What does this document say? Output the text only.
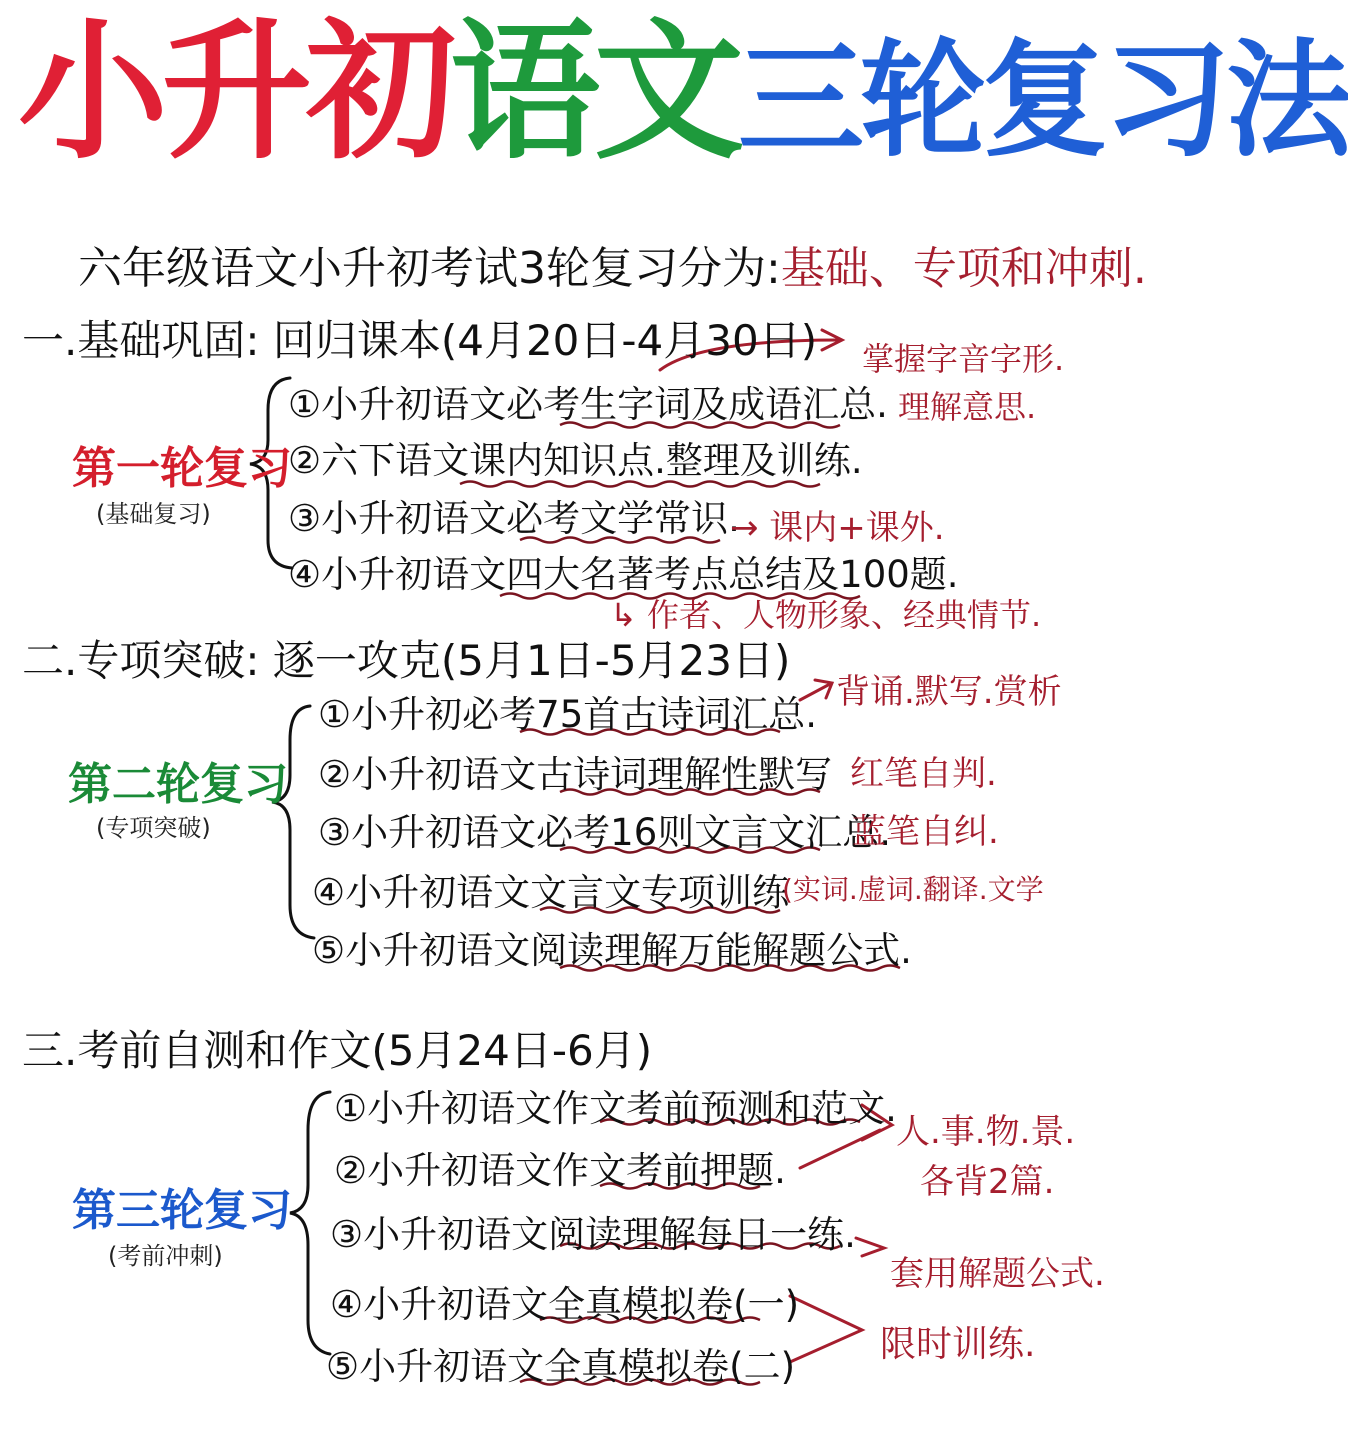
小升初语文三轮复习法
六年级语文小升初考试3轮复习分为:基础、专项和冲刺.
一.基础巩固: 回归课本(4月20日-4月30日)
第一轮复习
(基础复习)
①小升初语文必考生字词及成语汇总.
②六下语文课内知识点.整理及训练.
③小升初语文必考文学常识.
④小升初语文四大名著考点总结及100题.
掌握字音字形.
理解意思.
→ 课内+课外.
↳ 作者、人物形象、经典情节.
二.专项突破: 逐一攻克(5月1日-5月23日)
第二轮复习
(专项突破)
①小升初必考75首古诗词汇总.
②小升初语文古诗词理解性默写
③小升初语文必考16则文言文汇总.
④小升初语文文言文专项训练
⑤小升初语文阅读理解万能解题公式.
背诵.默写.赏析
红笔自判.
蓝笔自纠.
(实词.虚词.翻译.文学
三.考前自测和作文(5月24日-6月)
第三轮复习
(考前冲刺)
①小升初语文作文考前预测和范文.
②小升初语文作文考前押题.
③小升初语文阅读理解每日一练.
④小升初语文全真模拟卷(一)
⑤小升初语文全真模拟卷(二)
人.事.物.景.
各背2篇.
套用解题公式.
限时训练.
